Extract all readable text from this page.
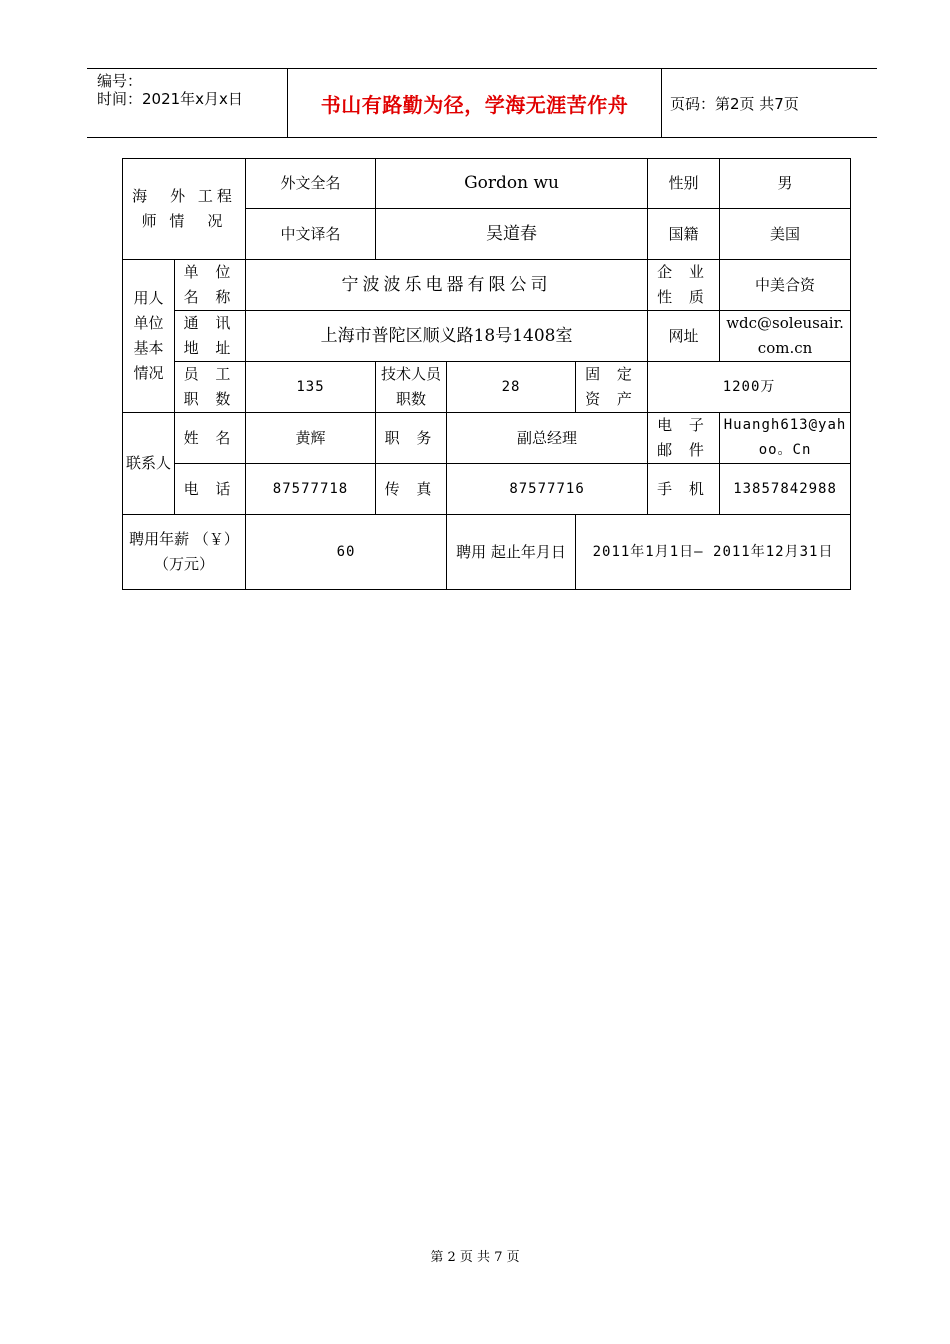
编号：
时间：2021年x月x日	书山有路勤为径，学海无涯苦作舟	页码：第2页 共7页
海　外 工程师 情　况		外文全名	Gordon wu			性别	男
		中文译名	吴道春			国籍	美国
用人 单位 基本 情况	单 位 名 称	宁波波乐电器有限公司				企 业 性 质	中美合资
	通 讯 地 址	上海市普陀区顺义路18号1408室				网址	wdc@soleusair.com.cn
	员 工 职 数	135	技术人员职数	28	固 定 资 产	1200万	
联系人	姓 名	黄辉	职 务	副总经理		电 子 邮 件	Huangh613@yahoo。Cn
	电 话	87577718	传 真	87577716		手 机	13857842988
聘用年薪 （￥） （万元）		60		聘用 起止年月日	2011年1月1日— 2011年12月31日		
第 2 页 共 7 页
